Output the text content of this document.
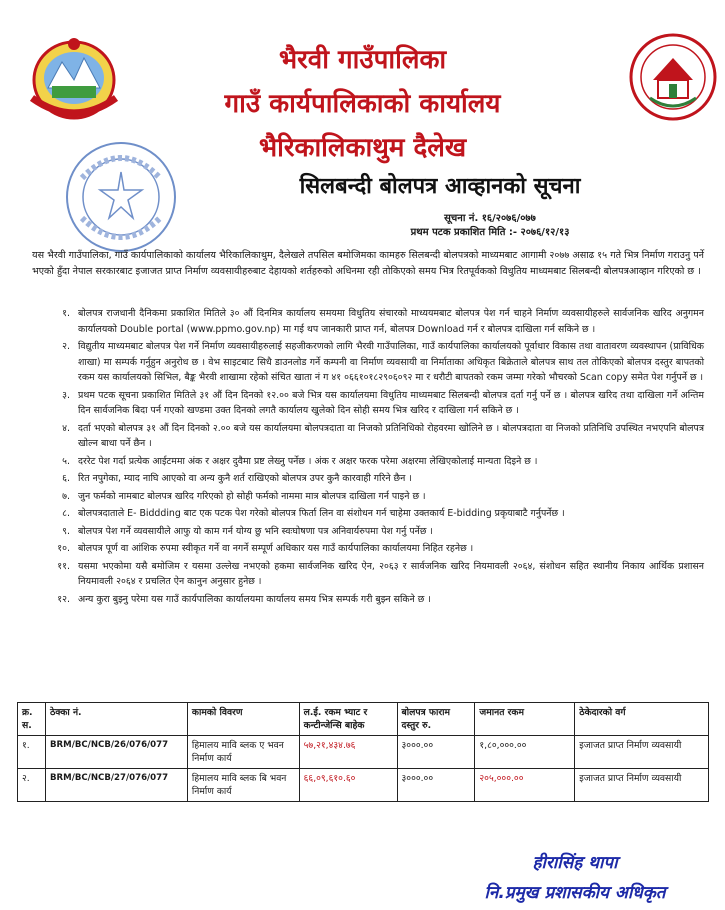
भैरवी गाउँपालिका
गाउँ कार्यपालिकाको कार्यालय
भैरिकालिकाथुम दैलेख
सिलबन्दी बोलपत्र आव्हानको सूचना
सूचना नं. १६/२०७६/०७७
प्रथम पटक प्रकाशित मिति :- २०७६/१२/१३
यस भैरवी गाउँपालिका, गाउँ कार्यपालिकाको कार्यालय भैरिकालिकाथुम, दैलेखले तपसिल बमोजिमका कामहरु सिलबन्दी बोलपत्रको माध्यमबाट आगामी २०७७ असाढ १५ गते भित्र निर्माण गराउनु पर्ने भएको हुँदा नेपाल सरकारबाट इजाजत प्राप्त निर्माण व्यवसायीहरुबाट देहायको शर्तहरुको अधिनमा रही तोकिएको समय भित्र रितपूर्वकको विधुतिय माध्यमबाट सिलबन्दी बोलपत्रआव्हान गरिएको छ ।
१. बोलपत्र राजधानी दैनिकमा प्रकाशित मितिले ३० औं दिनमित्र कार्यालय समयमा विधुतिय संचारको माध्ययमबाट बोलपत्र पेश गर्न चाहने निर्माण व्यवसायीहरुले सार्वजनिक खरिद अनुगमन कार्यालयको Double portal (www.ppmo.gov.np) मा गई थप जानकारी प्राप्त गर्न, बोलपत्र Download गर्न र बोलपत्र दाखिला गर्न सकिने छ ।
२. विद्युतीय माध्यमबाट बोलपत्र पेश गर्ने निर्माण व्यवसायीहरुलाई सहजीकरणको लागि भैरवी गाउँपालिका, गाउँ कार्यपालिका कार्यालयको पूर्वाधार विकास तथा वातावरण व्यवस्थापन (प्राविधिक शाखा) मा सम्पर्क गर्नुहुन अनुरोध छ । वेभ साइटबाट सिधै डाउनलोड गर्ने कम्पनी वा निर्माण व्यवसायी वा निर्माताका अधिकृत बिक्रेताले बोलपत्र साथ तल तोकिएको बोलपत्र दस्तुर बापतको रकम यस कार्यालयको सिभिल, बैङ्क भैरवी शाखामा रहेको संचित खाता नं ग ४१ ०६६१०१८२९०६०९२ मा र धरौटी बापतको रकम जम्मा गरेको भौचरको Scan copy समेत पेश गर्नुपर्ने छ ।
३. प्रथम पटक सूचना प्रकाशित मितिले ३१ औं दिन दिनको १२.०० बजे भित्र यस कार्यालयमा विधुतिय माध्यमबाट सिलबन्दी बोलपत्र दर्ता गर्नु पर्ने छ । बोलपत्र खरिद तथा दाखिला गर्ने अन्तिम दिन सार्वजनिक बिदा पर्न गएको खण्डमा उक्त दिनको लगतै कार्यालय खुलेको दिन सोही समय भित्र खरिद र दाखिला गर्न सकिने छ ।
४. दर्ता भएको बोलपत्र ३१ औं दिन दिनको २.०० बजे यस कार्यालयमा बोलपत्रदाता वा निजको प्रतिनिधिको रोहवरमा खोलिने छ । बोलपत्रदाता वा निजको प्रतिनिधि उपस्थित नभएपनि बोलपत्र खोल्न बाधा पर्ने छैन ।
५. दररेट पेश गर्दा प्रत्येक आईटममा अंक र अक्षर दुवैमा प्रष्ट लेख्नु पर्नेछ । अंक र अक्षर फरक परेमा अक्षरमा लेखिएकोलाई मान्यता दिइने छ ।
६. रित नपुगेका, म्याद नाघि आएको वा अन्य कुनै शर्त राखिएको बोलपत्र उपर कुनै कारवाही गरिने छैन ।
७. जुन फर्मको नामबाट बोलपत्र खरिद गरिएको हो सोही फर्मको नाममा मात्र बोलपत्र दाखिला गर्न पाइने छ ।
८. बोलपत्रदाताले E- Biddding बाट एक पटक पेश गरेको बोलपत्र फिर्ता लिन वा संशोधन गर्न चाहेमा उक्तकार्य E-bidding प्रकृयाबाटै गर्नुपर्नेछ ।
९. बोलपत्र पेश गर्ने व्यवसायीले आफु यो काम गर्न योग्य छु भनि स्वःघोषणा पत्र अनिवार्यरुपमा पेश गर्नु पर्नेछ ।
१०. बोलपत्र पूर्ण वा आंशिक रुपमा स्वीकृत गर्ने वा नगर्ने सम्पूर्ण अधिकार यस गाउँ कार्यपालिका कार्यालयमा निहित रहनेछ ।
११. यसमा भएकोमा यसै बमोजिम र यसमा उल्लेख नभएको हकमा सार्वजनिक खरिद ऐन, २०६३ र सार्वजनिक खरिद नियमावली २०६४, संशोधन सहित स्थानीय निकाय आर्थिक प्रशासन नियमावली २०६४ र प्रचलित ऐन कानुन अनुसार हुनेछ ।
१२. अन्य कुरा बुझ्नु परेमा यस गाउँ कार्यपालिका कार्यालयमा कार्यालय समय भित्र सम्पर्क गरी बुझ्न सकिने छ ।
क्र. स.	ठेक्का नं.	कामको विवरण	ल.ई. रकम भ्याट र कन्टीन्जेन्सि बाहेक	बोलपत्र फाराम दस्तुर रु.	जमानत रकम	ठेकेदारको वर्ग
१.	BRM/BC/NCB/26/076/077	हिमालय मावि ब्लक ए भवन निर्माण कार्य	५७,२१,४३४.७६	३०००.००	१,८०,०००.००	इजाजत प्राप्त निर्माण व्यवसायी
२.	BRM/BC/NCB/27/076/077	हिमालय मावि ब्लक बि भवन निर्माण कार्य	६६,०९,६१०.६०	३०००.००	२०५,०००.००	इजाजत प्राप्त निर्माण व्यवसायी
हीरासिंह थापा
नि.प्रमुख प्रशासकीय अधिकृत
